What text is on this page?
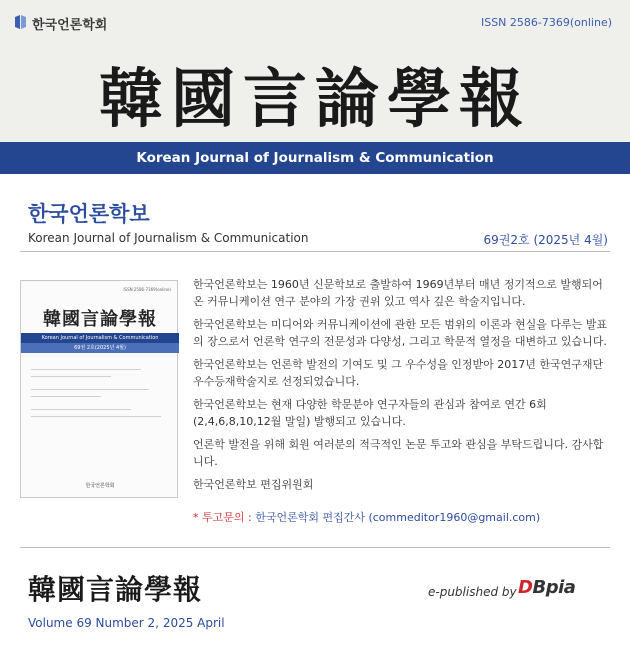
한국언론학회	ISSN 2586-7369(online)
韓國言論學報
Korean Journal of Journalism & Communication
한국언론학보
Korean Journal of Journalism & Communication	69권2호 (2025년 4월)
ISSN 2586-7369(online)
韓國言論學報
Korean Journal of Journalism & Communication
69권 2호(2025년 4월)
한국언론학회

한국언론학보는 1960년 신문학보로 출발하여 1969년부터 매년 정기적으로 발행되어 온 커뮤니케이션 연구 분야의 가장 권위 있고 역사 깊은 학술지입니다.

한국언론학보는 미디어와 커뮤니케이션에 관한 모든 범위의 이론과 현실을 다루는 발표의 장으로서 언론학 연구의 전문성과 다양성, 그리고 학문적 열정을 대변하고 있습니다.

한국언론학보는 언론학 발전의 기여도 및 그 우수성을 인정받아 2017년 한국연구재단 우수등재학술지로 선정되었습니다.

한국언론학보는 현재 다양한 학문분야 연구자들의 관심과 참여로 연간 6회 (2,4,6,8,10,12월 말일) 발행되고 있습니다.

언론학 발전을 위해 회원 여러분의 적극적인 논문 투고와 관심을 부탁드립니다. 감사합니다.

한국언론학보 편집위원회

* 투고문의 : 한국언론학회 편집간사 (commeditor1960@gmail.com)
韓國言論學報
Volume 69 Number 2, 2025 April
e-published by DBpia
